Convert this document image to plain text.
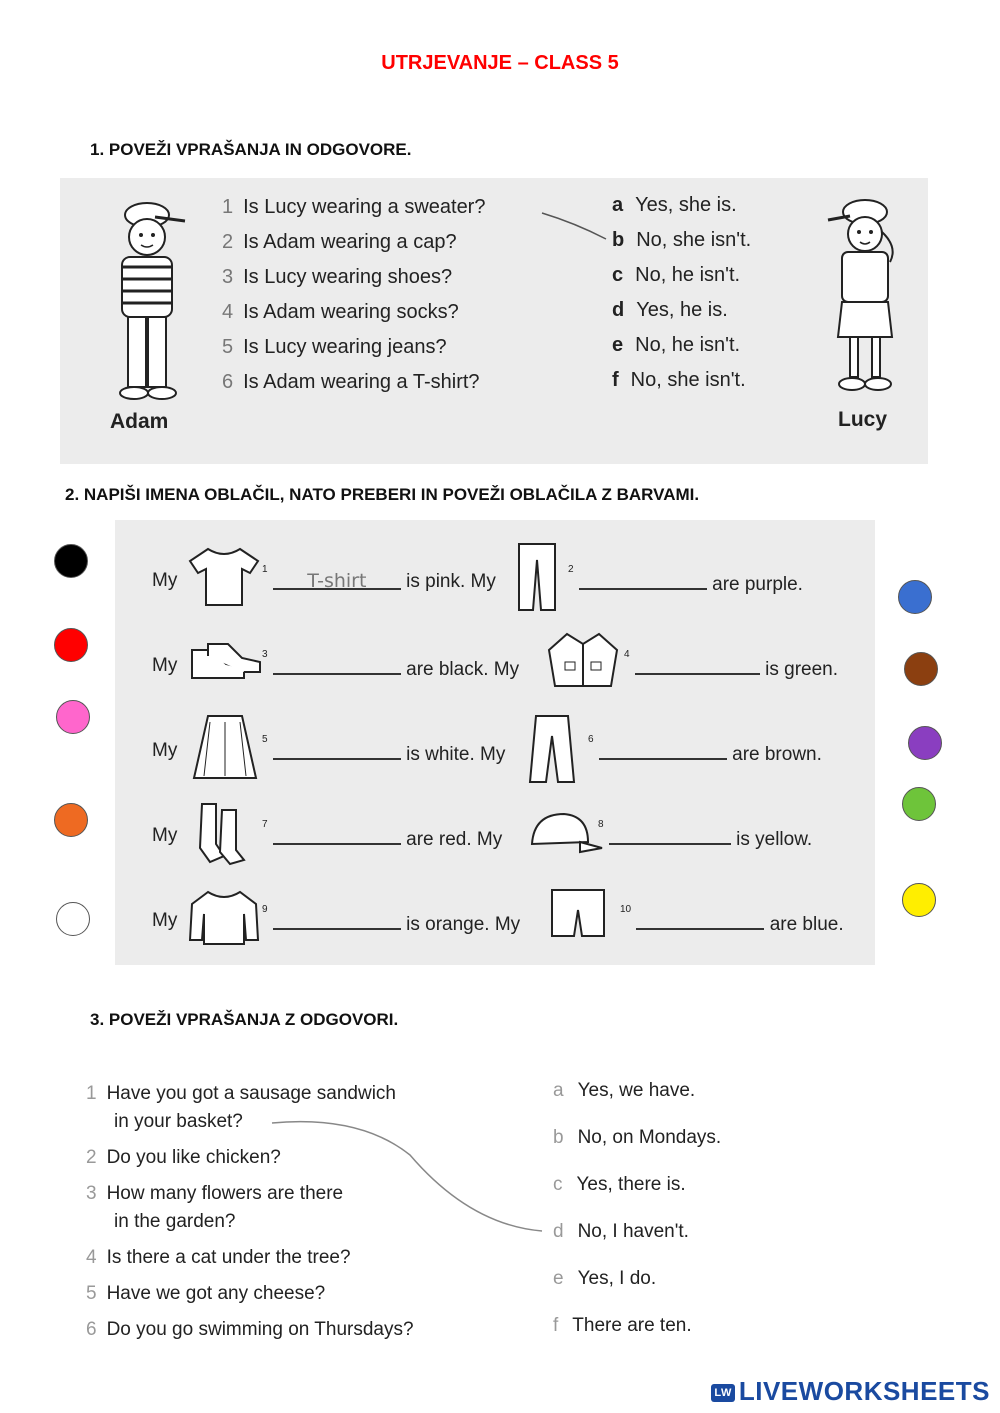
UTRJEVANJE – CLASS 5
1. POVEŽI VPRAŠANJA IN ODGOVORE.
Adam	Lucy
1 Is Lucy wearing a sweater?
2 Is Adam wearing a cap?
3 Is Lucy wearing shoes?
4 Is Adam wearing socks?
5 Is Lucy wearing jeans?
6 Is Adam wearing a T-shirt?
a Yes, she is.
b No, she isn't.
c No, he isn't.
d Yes, he is.
e No, he isn't.
f No, she isn't.
2. NAPIŠI IMENA OBLAČIL, NATO PREBERI IN POVEŽI OBLAČILA Z BARVAMI.
My
$^1$ T-shirt is pink. My
$^2$  are purple.
My
$^3$  are black. My
$^4$  is green.
My
$^5$  is white. My
$^6$  are brown.
My
$^7$  are red. My
$^8$  is yellow.
My
$^9$  is orange. My
$^{10}$  are blue.
3. POVEŽI VPRAŠANJA Z ODGOVORI.
1 Have you got a sausage sandwich
in your basket?
2 Do you like chicken?
3 How many flowers are there
in the garden?
4 Is there a cat under the tree?
5 Have we got any cheese?
6 Do you go swimming on Thursdays?
a Yes, we have.
b No, on Mondays.
c Yes, there is.
d No, I haven't.
e Yes, I do.
f There are ten.
LW LIVEWORKSHEETS
